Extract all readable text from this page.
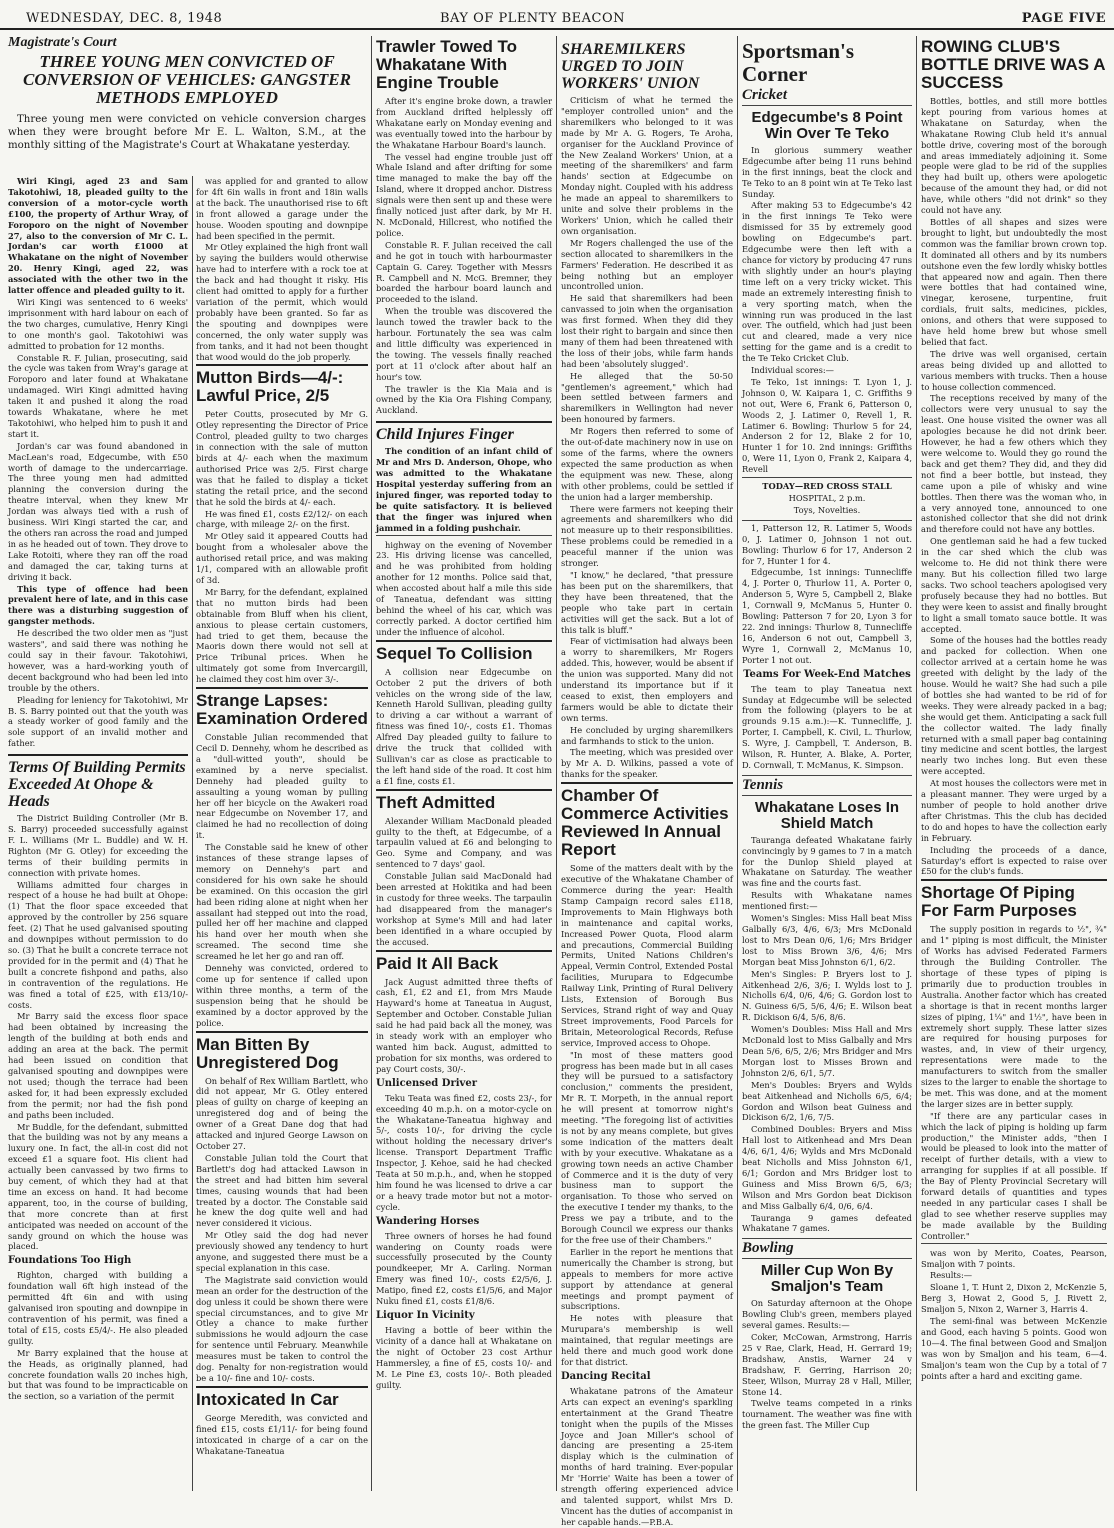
WEDNESDAY, DEC. 8, 1948	BAY OF PLENTY BEACON	PAGE FIVE
Magistrate's Court
THREE YOUNG MEN CONVICTED OF CONVERSION OF VEHICLES: GANGSTER METHODS EMPLOYED

Three young men were convicted on vehicle conversion charges when they were brought before Mr E. L. Walton, S.M., at the monthly sitting of the Magistrate's Court at Whakatane yesterday.

Wiri Kingi, aged 23 and Sam Takotohiwi, 18, pleaded guilty to the conversion of a motor-cycle worth £100, the property of Arthur Wray, of Foroporo on the night of November 27, also to the conversion of Mr C. L. Jordan's car worth £1000 at Whakatane on the night of November 20. Henry Kingi, aged 22, was associated with the other two in the latter offence and pleaded guilty to it.

Wiri Kingi was sentenced to 6 weeks' imprisonment with hard labour on each of the two charges, cumulative, Henry Kingi to one month's gaol. Takotohiwi was admitted to probation for 12 months.

Constable R. F. Julian, prosecuting, said the cycle was taken from Wray's garage at Foroporo and later found at Whakatane undamaged. Wiri Kingi admitted having taken it and pushed it along the road towards Whakatane, where he met Takotohiwi, who helped him to push it and start it.

Jordan's car was found abandoned in MacLean's road, Edgecumbe, with £50 worth of damage to the undercarriage. The three young men had admitted planning the conversion during the theatre interval, when they knew Mr Jordan was always tied with a rush of business. Wiri Kingi started the car, and the others ran across the road and jumped in as he headed out of town. They drove to Lake Rotoiti, where they ran off the road and damaged the car, taking turns at driving it back.

This type of offence had been prevalent here of late, and in this case there was a disturbing suggestion of gangster methods.

He described the two older men as "just wasters", and said there was nothing he could say in their favour. Takotohiwi, however, was a hard-working youth of decent background who had been led into trouble by the others.

Pleading for leniency for Takotohiwi, Mr B. S. Barry pointed out that the youth was a steady worker of good family and the sole support of an invalid mother and father.

Terms Of Building Permits Exceeded At Ohope & Heads

The District Building Controller (Mr B. S. Barry) proceeded successfully against F. L. Williams (Mr L. Buddle) and W. H. Righton (Mr G. Otley) for exceeding the terms of their building permits in connection with private homes.

Williams admitted four charges in respect of a house he had built at Ohope: (1) That the floor space exceeded that approved by the controller by 256 square feet. (2) That he used galvanised spouting and downpipes without permission to do so. (3) That he built a concrete terrace not provided for in the permit and (4) That he built a concrete fishpond and paths, also in contravention of the regulations. He was fined a total of £25, with £13/10/- costs.

Mr Barry said the excess floor space had been obtained by increasing the length of the building at both ends and adding an area at the back. The permit had been issued on condition that galvanised spouting and downpipes were not used; though the terrace had been asked for, it had been expressly excluded from the permit; nor had the fish pond and paths been included.

Mr Buddle, for the defendant, submitted that the building was not by any means a luxury one. In fact, the all-in cost did not exceed £1 a square foot. His client had actually been canvassed by two firms to buy cement, of which they had at that time an excess on hand. It had become apparent, too, in the course of building, that more concrete than at first anticipated was needed on account of the sandy ground on which the house was placed.

Foundations Too High

Righton, charged with building a foundation wall 6ft high instead of the permitted 4ft 6in and with using galvanised iron spouting and downpipe in contravention of his permit, was fined a total of £15, costs £5/4/-. He also pleaded guilty.

Mr Barry explained that the house at the Heads, as originally planned, had concrete foundation walls 20 inches high, but that was found to be impracticable on the section, so a variation of the permit

was applied for and granted to allow for 4ft 6in walls in front and 18in walls at the back. The unauthorised rise to 6ft in front allowed a garage under the house. Wooden spouting and downpipe had been specified in the permit.

Mr Otley explained the high front wall by saying the builders would otherwise have had to interfere with a rock toe at the back and had thought it risky. His client had omitted to apply for a further variation of the permit, which would probably have been granted. So far as the spouting and downpipes were concerned, the only water supply was from tanks, and it had not been thought that wood would do the job properly.

Mutton Birds—4/-: Lawful Price, 2/5

Peter Coutts, prosecuted by Mr G. Otley representing the Director of Price Control, pleaded guilty to two charges in connection with the sale of mutton birds at 4/- each when the maximum authorised Price was 2/5. First charge was that he failed to display a ticket stating the retail price, and the second that he sold the birds at 4/- each.

He was fined £1, costs £2/12/- on each charge, with mileage 2/- on the first.

Mr Otley said it appeared Coutts had bought from a wholesaler above the authorised retail price, and was making 1/1, compared with an allowable profit of 3d.

Mr Barry, for the defendant, explained that no mutton birds had been obtainable from Bluff when his client, anxious to please certain customers, had tried to get them, because the Maoris down there would not sell at Price Tribunal prices. When he ultimately got some from Invercargill, he claimed they cost him over 3/-.

Strange Lapses: Examination Ordered

Constable Julian recommended that Cecil D. Dennehy, whom he described as a "dull-witted youth", should be examined by a nerve specialist. Dennehy had pleaded guilty to assaulting a young woman by pulling her off her bicycle on the Awakeri road near Edgecumbe on November 17, and claimed he had no recollection of doing it.

The Constable said he knew of other instances of these strange lapses of memory on Dennehy's part and considered for his own sake he should be examined. On this occasion the girl had been riding alone at night when her assailant had stepped out into the road, pulled her off her machine and clapped his hand over her mouth when she screamed. The second time she screamed he let her go and ran off.

Dennehy was convicted, ordered to come up for sentence if called upon within three months, a term of the suspension being that he should be examined by a doctor approved by the police.

Man Bitten By Unregistered Dog

On behalf of Rex William Bartlett, who did not appear, Mr G. Otley entered pleas of guilty on charge of keeping an unregistered dog and of being the owner of a Great Dane dog that had attacked and injured George Lawson on October 27.

Constable Julian told the Court that Bartlett's dog had attacked Lawson in the street and had bitten him several times, causing wounds that had been treated by a doctor. The Constable said he knew the dog quite well and had never considered it vicious.

Mr Otley said the dog had never previously showed any tendency to hurt anyone, and suggested there must be a special explanation in this case.

The Magistrate said conviction would mean an order for the destruction of the dog unless it could be shown there were special circumstances, and to give Mr Otley a chance to make further submissions he would adjourn the case for sentence until February. Meanwhile measures must be taken to control the dog. Penalty for non-registration would be a 10/- fine and 10/- costs.

Intoxicated In Car

George Meredith, was convicted and fined £15, costs £1/11/- for being found intoxicated in charge of a car on the Whakatane-Taneatua

Trawler Towed To Whakatane With Engine Trouble

After it's engine broke down, a trawler from Auckland drifted helplessly off Whakatane early on Monday evening and was eventually towed into the harbour by the Whakatane Harbour Board's launch.

The vessel had engine trouble just off Whale Island and after drifting for some time managed to make the bay off the Island, where it dropped anchor. Distress signals were then sent up and these were finally noticed just after dark, by Mr H. N. McDonald, Hillcrest, who notified the police.

Constable R. F. Julian received the call and he got in touch with harbourmaster Captain G. Carey. Together with Messrs R. Campbell and N. McG. Bremner, they boarded the harbour board launch and proceeded to the island.

When the trouble was discovered the launch towed the trawler back to the harbour. Fortunately the sea was calm and little difficulty was experienced in the towing. The vessels finally reached port at 11 o'clock after about half an hour's tow.

The trawler is the Kia Maia and is owned by the Kia Ora Fishing Company, Auckland.

Child Injures Finger

The condition of an infant child of Mr and Mrs D. Anderson, Ohope, who was admitted to the Whakatane Hospital yesterday suffering from an injured finger, was reported today to be quite satisfactory. It is believed that the finger was injured when jammed in a folding pushchair.

highway on the evening of November 23. His driving license was cancelled, and he was prohibited from holding another for 12 months. Police said that, when accosted about half a mile this side of Taneatua, defendant was sitting behind the wheel of his car, which was correctly parked. A doctor certified him under the influence of alcohol.

Sequel To Collision

A collision near Edgecumbe on October 2 put the drivers of both vehicles on the wrong side of the law, Kenneth Harold Sullivan, pleading guilty to driving a car without a warrant of fitness was fined 10/-, costs £1. Thomas Alfred Day pleaded guilty to failure to drive the truck that collided with Sullivan's car as close as practicable to the left hand side of the road. It cost him a £1 fine, costs £1.

Theft Admitted

Alexander William MacDonald pleaded guilty to the theft, at Edgecumbe, of a tarpaulin valued at £6 and belonging to Geo. Syme and Company, and was sentenced to 7 days' gaol.

Constable Julian said MacDonald had been arrested at Hokitika and had been in custody for three weeks. The tarpaulin had disappeared from the manager's workshop at Syme's Mill and had later been identified in a whare occupied by the accused.

Paid It All Back

Jack August admitted three thefts of cash, £1, £2 and £1, from Mrs Maude Hayward's home at Taneatua in August, September and October. Constable Julian said he had paid back all the money, was in steady work with an employer who wanted him back. August, admitted to probation for six months, was ordered to pay Court costs, 30/-.

Unlicensed Driver

Teku Teata was fined £2, costs 23/-, for exceeding 40 m.p.h. on a motor-cycle on the Whakatane-Taneatua highway and 5/-, costs 10/-, for driving the cycle without holding the necessary driver's license. Transport Department Traffic Inspector, J. Kehoe, said he had checked Teata at 50 m.p.h., and, when he stopped him found he was licensed to drive a car or a heavy trade motor but not a motor-cycle.

Wandering Horses

Three owners of horses he had found wandering on County roads were successfully prosecuted by the County poundkeeper, Mr A. Carling. Norman Emery was fined 10/-, costs £2/5/6, J. Matipo, fined £2, costs £1/5/6, and Major Nuku fined £1, costs £1/8/6.

Liquor In Vicinity

Having a bottle of beer within the vicinity of a dance hall at Whakatane on the night of October 23 cost Arthur Hammersley, a fine of £5, costs 10/- and M. Le Pine £3, costs 10/-. Both pleaded guilty.

SHAREMILKERS URGED TO JOIN WORKERS' UNION

Criticism of what he termed the "employer controlled union" and the sharemilkers who belonged to it was made by Mr A. G. Rogers, Te Aroha, organiser for the Auckland Province of the New Zealand Workers' Union, at a meeting of the sharemilkers' and farm hands' section at Edgecumbe on Monday night. Coupled with his address he made an appeal to sharemilkers to unite and solve their problems in the Workers' Union, which he called their own organisation.

Mr Rogers challenged the use of the section allocated to sharemilkers in the Farmers' Federation. He described it as being nothing but an employer uncontrolled union.

He said that sharemilkers had been canvassed to join when the organisation was first formed. When they did they lost their right to bargain and since then many of them had been threatened with the loss of their jobs, while farm hands had been 'absolutely slugged'.

He alleged that the 50-50 "gentlemen's agreement," which had been settled between farmers and sharemilkers in Wellington had never been honoured by farmers.

Mr Rogers then referred to some of the out-of-date machinery now in use on some of the farms, where the owners expected the same production as when the equipment was new. These, along with other problems, could be settled if the union had a larger membership.

There were farmers not keeping their agreements and sharemilkers who did not measure up to their responsibilities. These problems could be remedied in a peaceful manner if the union was stronger.

"I know," he declared, "that pressure has been put on the sharemilkers, that they have been threatened, that the people who take part in certain activities will get the sack. But a lot of this talk is bluff."

Fear of victimisation had always been a worry to sharemilkers, Mr Rogers added. This, however, would be absent if the union was supported. Many did not understand its importance but if it ceased to exist, then employers and farmers would be able to dictate their own terms.

He concluded by urging sharemilkers and farmhands to stick to the union.

The meeting, which was presided over by Mr A. D. Wilkins, passed a vote of thanks for the speaker.

Chamber Of Commerce Activities Reviewed In Annual Report

Some of the matters dealt with by the executive of the Whakatane Chamber of Commerce during the year: Health Stamp Campaign record sales £118, Improvements to Main Highways both in maintenance and capital works, Increased Power Quota, Flood alarm and precautions, Commercial Building Permits, United Nations Children's Appeal, Vermin Control, Extended Postal facilities, Murupara to Edgecumbe Railway Link, Printing of Rural Delivery Lists, Extension of Borough Bus Services, Strand right of way and Quay Street improvements, Food Parcels for Britain, Meteorological Records, Refuse service, Improved access to Ohope.

"In most of these matters good progress has been made but in all cases they will be pursued to a satisfactory conclusion," comments the president, Mr R. T. Morpeth, in the annual report he will present at tomorrow night's meeting. "The foregoing list of activities is not by any means complete, but gives some indication of the matters dealt with by your executive. Whakatane as a growing town needs an active Chamber of Commerce and it is the duty of very business man to support the organisation. To those who served on the executive I tender my thanks, to the Press we pay a tribute, and to the Borough Council we express our thanks for the free use of their Chambers."

Earlier in the report he mentions that numerically the Chamber is strong, but appeals to members for more active support by attendance at general meetings and prompt payment of subscriptions.

He notes with pleasure that Murupara's membership is well maintained, that regular meetings are held there and much good work done for that district.

Dancing Recital

Whakatane patrons of the Amateur Arts can expect an evening's sparkling entertainment at the Grand Theatre tonight when the pupils of the Misses Joyce and Joan Miller's school of dancing are presenting a 25-item display which is the culmination of months of hard training. Ever-popular Mr 'Horrie' Waite has been a tower of strength offering experienced advice and talented support, whilst Mrs D. Vincent has the duties of accompanist in her capable hands.—P.B.A.

Sportsman's Corner
Cricket
Edgecumbe's 8 Point Win Over Te Teko

In glorious summery weather Edgecumbe after being 11 runs behind in the first innings, beat the clock and Te Teko to an 8 point win at Te Teko last Sunday.

After making 53 to Edgecumbe's 42 in the first innings Te Teko were dismissed for 35 by extremely good bowling on Edgecumbe's part. Edgecumbe were then left with a chance for victory by producing 47 runs with slightly under an hour's playing time left on a very tricky wicket. This made an extremely interesting finish to a very sporting match, when the winning run was produced in the last over. The outfield, which had just been cut and cleared, made a very nice setting for the game and is a credit to the Te Teko Cricket Club.

Individual scores:—

Te Teko, 1st innings: T. Lyon 1, J. Johnson 0, W. Kaipara 1, C. Griffiths 9 not out, Were 6, Frank 6, Patterson 0, Woods 2, J. Latimer 0, Revell 1, R. Latimer 6. Bowling: Thurlow 5 for 24, Anderson 2 for 12, Blake 2 for 10, Hunter 1 for 10. 2nd innings: Griffiths 0, Were 11, Lyon 0, Frank 2, Kaipara 4, Revell

TODAY—RED CROSS STALL

HOSPITAL, 2 p.m.

Toys, Novelties.

1, Patterson 12, R. Latimer 5, Woods 0, J. Latimer 0, Johnson 1 not out. Bowling: Thurlow 6 for 17, Anderson 2 for 7, Hunter 1 for 4.

Edgecumbe, 1st innings: Tunnecliffe 4, J. Porter 0, Thurlow 11, A. Porter 0, Anderson 5, Wyre 5, Campbell 2, Blake 1, Cornwall 9, McManus 5, Hunter 0. Bowling: Patterson 7 for 20, Lyon 3 for 22. 2nd innings: Thurlow 8, Tunnecliffe 16, Anderson 6 not out, Campbell 3, Wyre 1, Cornwall 2, McManus 10, Porter 1 not out.

Teams For Week-End Matches

The team to play Taneatua next Sunday at Edgecumbe will be selected from the following (players to be at grounds 9.15 a.m.):—K. Tunnecliffe, J. Porter, I. Campbell, K. Civil, L. Thurlow, S. Wyre, J. Campbell, T. Anderson, B. Wilson, R. Hunter, A. Blake, A. Porter, D. Cornwall, T. McManus, K. Simpson.

Tennis
Whakatane Loses In Shield Match

Tauranga defeated Whakatane fairly convincingly by 9 games to 7 in a match for the Dunlop Shield played at Whakatane on Saturday. The weather was fine and the courts fast.

Results with Whakatane names mentioned first:—

Women's Singles: Miss Hall beat Miss Galbally 6/3, 4/6, 6/3; Mrs McDonald lost to Mrs Dean 0/6, 1/6; Mrs Bridger lost to Miss Brown 3/6, 4/6; Mrs Morgan beat Miss Johnston 6/1, 6/2.

Men's Singles: P. Bryers lost to J. Aitkenhead 2/6, 3/6; I. Wylds lost to J. Nicholls 6/4, 0/6, 4/6; G. Gordon lost to N. Guiness 6/5, 5/6, 4/6; E. Wilson beat R. Dickison 6/4, 5/6, 8/6.

Women's Doubles: Miss Hall and Mrs McDonald lost to Miss Galbally and Mrs Dean 5/6, 6/5, 2/6; Mrs Bridger and Mrs Morgan lost to Misses Brown and Johnston 2/6, 6/1, 5/7.

Men's Doubles: Bryers and Wylds beat Aitkenhead and Nicholls 6/5, 6/4; Gordon and Wilson beat Guiness and Dickison 6/2, 1/6, 7/5.

Combined Doubles: Bryers and Miss Hall lost to Aitkenhead and Mrs Dean 4/6, 6/1, 4/6; Wylds and Mrs McDonald beat Nicholls and Miss Johnston 6/1, 6/1; Gordon and Mrs Bridger lost to Guiness and Miss Brown 6/5, 6/3; Wilson and Mrs Gordon beat Dickison and Miss Galbally 6/4, 0/6, 6/4.

Tauranga 9 games defeated Whakatane 7 games.

Bowling
Miller Cup Won By Smaljon's Team

On Saturday afternoon at the Ohope Bowling Club's green, members played several games. Results:—

Coker, McCowan, Armstrong, Harris 25 v Rae, Clark, Head, H. Gerrard 19; Bradshaw, Anstis, Warner 24 v Bradshaw, F. Gerring, Harrison 20; Steer, Wilson, Murray 28 v Hall, Miller, Stone 14.

Twelve teams competed in a rinks tournament. The weather was fine with the green fast. The Miller Cup

ROWING CLUB'S BOTTLE DRIVE WAS A SUCCESS

Bottles, bottles, and still more bottles kept pouring from various homes at Whakatane on Saturday, when the Whakatane Rowing Club held it's annual bottle drive, covering most of the borough and areas immediately adjoining it. Some people were glad to be rid of the supplies they had built up, others were apologetic because of the amount they had, or did not have, while others "did not drink" so they could not have any.

Bottles of all shapes and sizes were brought to light, but undoubtedly the most common was the familiar brown crown top. It dominated all others and by its numbers outshone even the few lordly whisky bottles that appeared now and again. Then there were bottles that had contained wine, vinegar, kerosene, turpentine, fruit cordials, fruit salts, medicines, pickles, onions, and others that were supposed to have held home brew but whose smell belied that fact.

The drive was well organised, certain areas being divided up and allotted to various members with trucks. Then a house to house collection commenced.

The receptions received by many of the collectors were very unusual to say the least. One house visited the owner was all apologies because he did not drink beer. However, he had a few others which they were welcome to. Would they go round the back and get them? They did, and they did not find a beer bottle, but instead, they came upon a pile of whisky and wine bottles. Then there was the woman who, in a very annoyed tone, announced to one astonished collector that she did not drink and therefore could not have any bottles.

One gentleman said he had a few tucked in the car shed which the club was welcome to. He did not think there were many. But his collection filled two large sacks. Two school teachers apologised very profusely because they had no bottles. But they were keen to assist and finally brought to light a small tomato sauce bottle. It was accepted.

Some of the houses had the bottles ready and packed for collection. When one collector arrived at a certain home he was greeted with delight by the lady of the house. Would he wait? She had such a pile of bottles she had wanted to be rid of for weeks. They were already packed in a bag; she would get them. Anticipating a sack full the collector waited. The lady finally returned with a small paper bag containing tiny medicine and scent bottles, the largest nearly two inches long. But even these were accepted.

At most houses the collectors were met in a pleasant manner. They were urged by a number of people to hold another drive after Christmas. This the club has decided to do and hopes to have the collection early in February.

Including the proceeds of a dance, Saturday's effort is expected to raise over £50 for the club's funds.

Shortage Of Piping For Farm Purposes

The supply position in regards to ½", ¾" and 1" piping is most difficult, the Minister of Works has advised Federated Farmers through the Building Controller. The shortage of these types of piping is primarily due to production troubles in Australia. Another factor which has created a shortage is that in recent months larger sizes of piping, 1¼" and 1½", have been in extremely short supply. These latter sizes are required for housing purposes for wastes, and, in view of their urgency, representations were made to the manufacturers to switch from the smaller sizes to the larger to enable the shortage to be met. This was done, and at the moment the larger sizes are in better supply.

"If there are any particular cases in which the lack of piping is holding up farm production," the Minister adds, "then I would be pleased to look into the matter of receipt of further details, with a view to arranging for supplies if at all possible. If the Bay of Plenty Provincial Secretary will forward details of quantities and types needed in any particular cases I shall be glad to see whether reserve supplies may be made available by the Building Controller."

was won by Merito, Coates, Pearson, Smaljon with 7 points.

Results:—

Sloane 1, T. Hunt 2, Dixon 2, McKenzie 5, Berg 3, Howat 2, Good 5, J. Rivett 2, Smaljon 5, Nixon 2, Warner 3, Harris 4.

The semi-final was between McKenzie and Good, each having 5 points. Good won 10—4. The final between Good and Smaljon was won by Smaljon and his team, 6—4. Smaljon's team won the Cup by a total of 7 points after a hard and exciting game.
